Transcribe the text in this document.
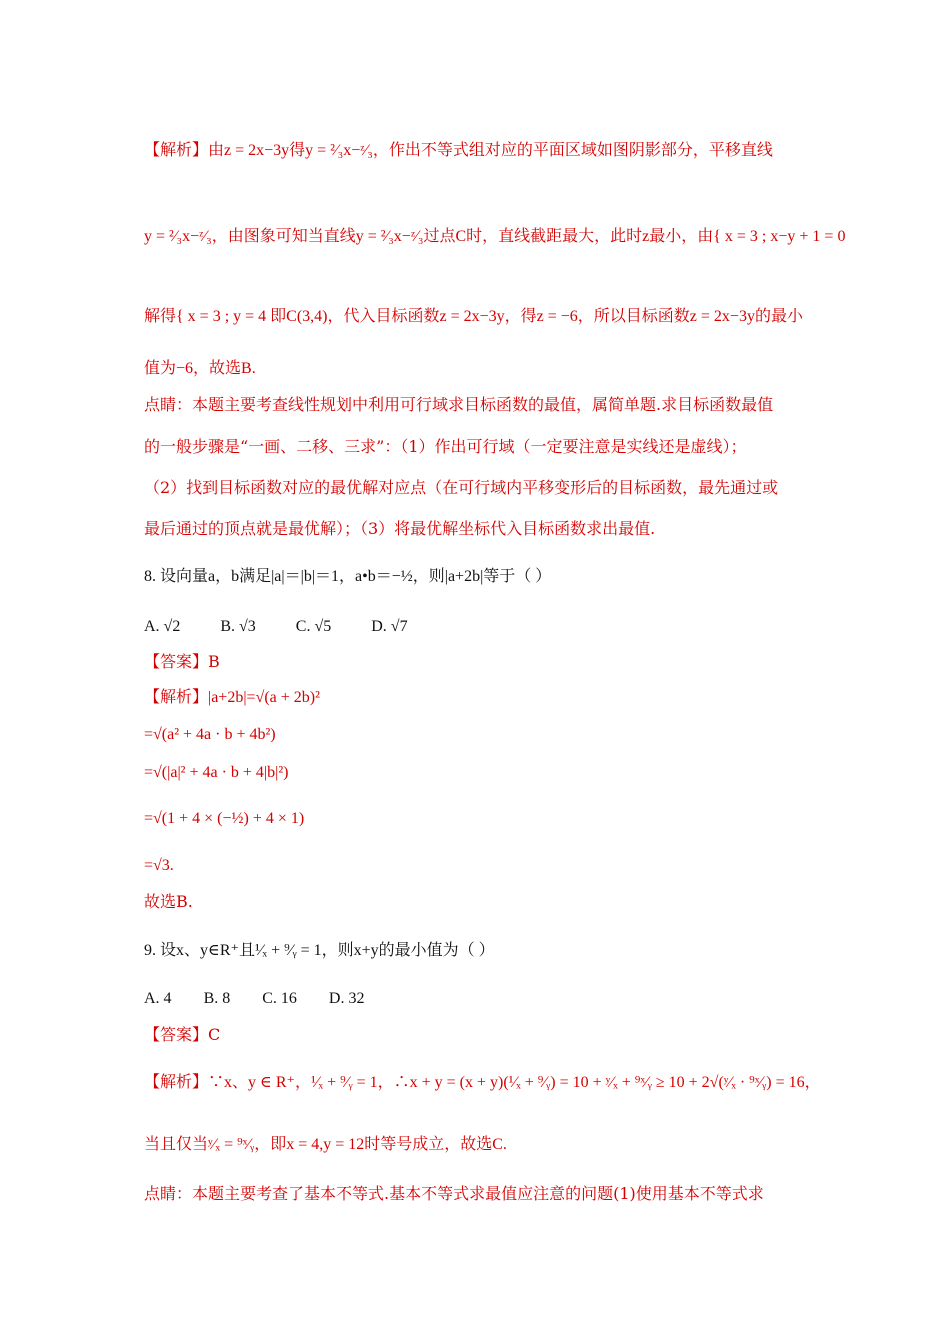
【解析】由z = 2x−3y得y = ²⁄₃x−ᶻ⁄₃，作出不等式组对应的平面区域如图阴影部分，平移直线
y = ²⁄₃x−ᶻ⁄₃，由图象可知当直线y = ²⁄₃x−ᶻ⁄₃过点C时，直线截距最大，此时z最小，由{ x = 3 ; x−y + 1 = 0
解得{ x = 3 ; y = 4 即C(3,4)，代入目标函数z = 2x−3y，得z = −6，所以目标函数z = 2x−3y的最小
值为−6，故选B.
点睛：本题主要考查线性规划中利用可行域求目标函数的最值，属简单题.求目标函数最值
的一般步骤是“一画、二移、三求”：（1）作出可行域（一定要注意是实线还是虚线）；
（2）找到目标函数对应的最优解对应点（在可行域内平移变形后的目标函数，最先通过或
最后通过的顶点就是最优解）；（3）将最优解坐标代入目标函数求出最值.
8. 设向量a，b满足|a|＝|b|＝1，a•b＝−½，则|a+2b|等于（ ）
A. √2	B. √3	C. √5	D. √7
【答案】B
【解析】|a+2b|=√(a + 2b)²
=√(a² + 4a · b + 4b²)
=√(|a|² + 4a · b + 4|b|²)
=√(1 + 4 × (−½) + 4 × 1)
=√3.
故选B.
9. 设x、y∈R⁺且¹⁄ₓ + ⁹⁄ᵧ = 1，则x+y的最小值为（ ）
A. 4 B. 8 C. 16 D. 32
【答案】C
【解析】∵x、y ∈ R⁺，¹⁄ₓ + ⁹⁄ᵧ = 1，∴x + y = (x + y)(¹⁄ₓ + ⁹⁄ᵧ) = 10 + ʸ⁄ₓ + ⁹ˣ⁄ᵧ ≥ 10 + 2√(ʸ⁄ₓ · ⁹ˣ⁄ᵧ) = 16，
当且仅当ʸ⁄ₓ = ⁹ˣ⁄ᵧ，即x = 4,y = 12时等号成立，故选C.
点睛：本题主要考查了基本不等式.基本不等式求最值应注意的问题(1)使用基本不等式求
